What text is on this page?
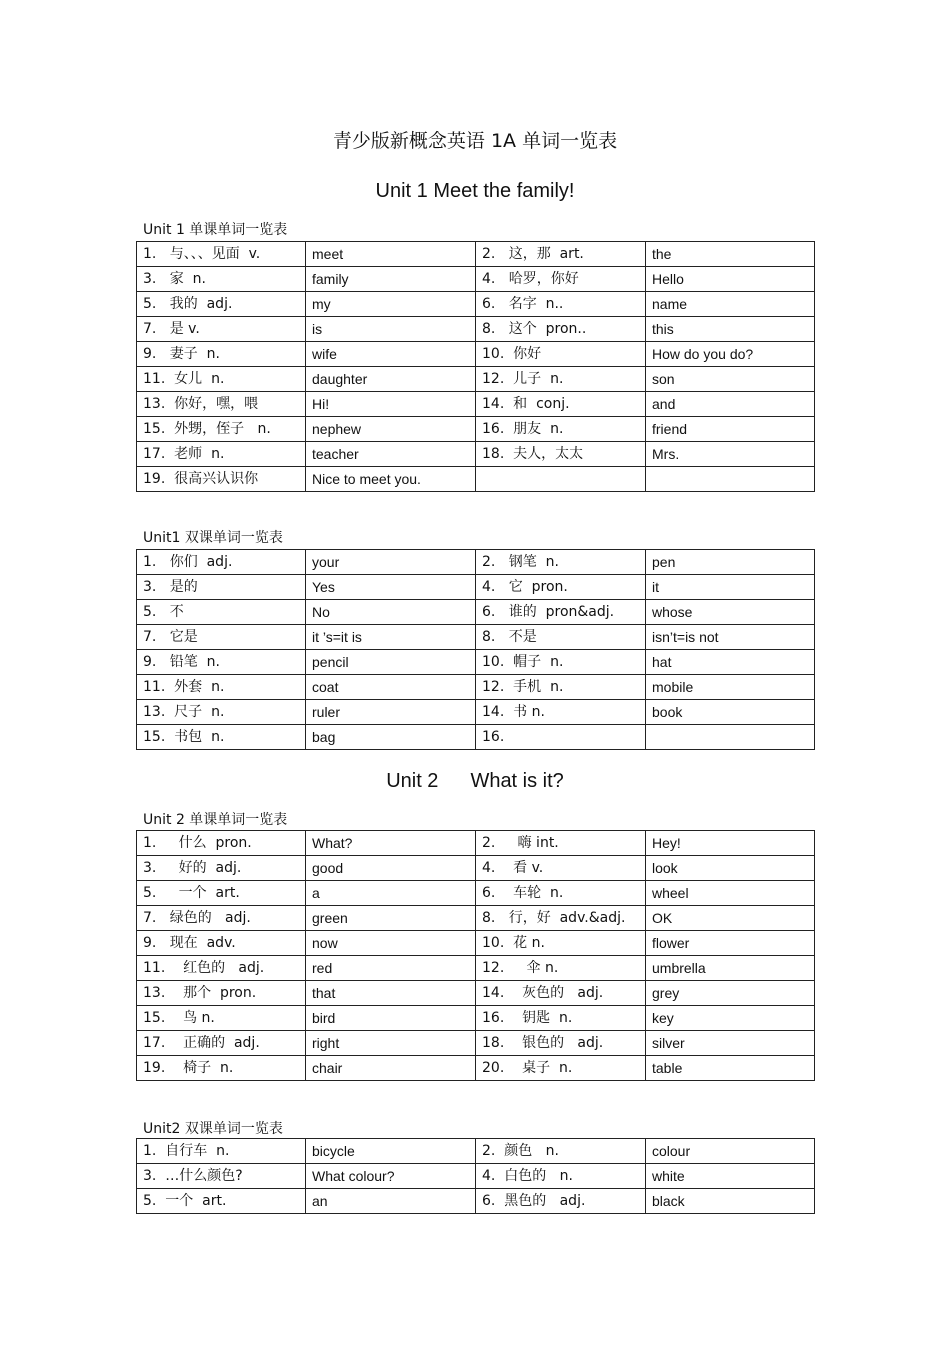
青少版新概念英语 1A 单词一览表
Unit 1 Meet the family!
Unit 1 单课单词一览表
1.   与、、、见面  v.	meet	2.   这，那  art.	the
3.   家  n.	family	4.   哈罗，你好	Hello
5.   我的  adj.	my	6.   名字  n..	name
7.   是 v.	is	8.   这个  pron..	this
9.   妻子  n.	wife	10.  你好	How do you do?
11.  女儿  n.	daughter	12.  儿子  n.	son
13.  你好，嘿，喂	Hi!	14.  和  conj.	and
15.  外甥，侄子   n.	nephew	16.  朋友  n.	friend
17.  老师  n.	teacher	18.  夫人，太太	Mrs.
19.  很高兴认识你	Nice to meet you.		
Unit1 双课单词一览表
1.   你们  adj.	your	2.   钢笔  n.	pen
3.   是的	Yes	4.   它  pron.	it
5.   不	No	6.   谁的  pron&adj.	whose
7.   它是	it ’s=it is	8.   不是	isn’t=is not
9.   铅笔  n.	pencil	10.  帽子  n.	hat
11.  外套  n.	coat	12.  手机  n.	mobile
13.  尺子  n.	ruler	14.  书 n.	book
15.  书包  n.	bag	16.	
Unit 2 What is it?
Unit 2 单课单词一览表
1.     什么  pron.	What?	2.     嗨 int.	Hey!
3.     好的  adj.	good	4.    看 v.	look
5.     一个  art.	a	6.    车轮  n.	wheel
7.   绿色的   adj.	green	8.   行，好  adv.&adj.	OK
9.   现在  adv.	now	10.  花 n.	flower
11.    红色的   adj.	red	12.     伞 n.	umbrella
13.    那个  pron.	that	14.    灰色的   adj.	grey
15.    鸟 n.	bird	16.    钥匙  n.	key
17.    正确的  adj.	right	18.    银色的   adj.	silver
19.    椅子  n.	chair	20.    桌子  n.	table
Unit2 双课单词一览表
1.  自行车  n.	bicycle	2.  颜色   n.	colour
3.  …什么颜色?	What colour?	4.  白色的   n.	white
5.  一个  art.	an	6.  黑色的   adj.	black
